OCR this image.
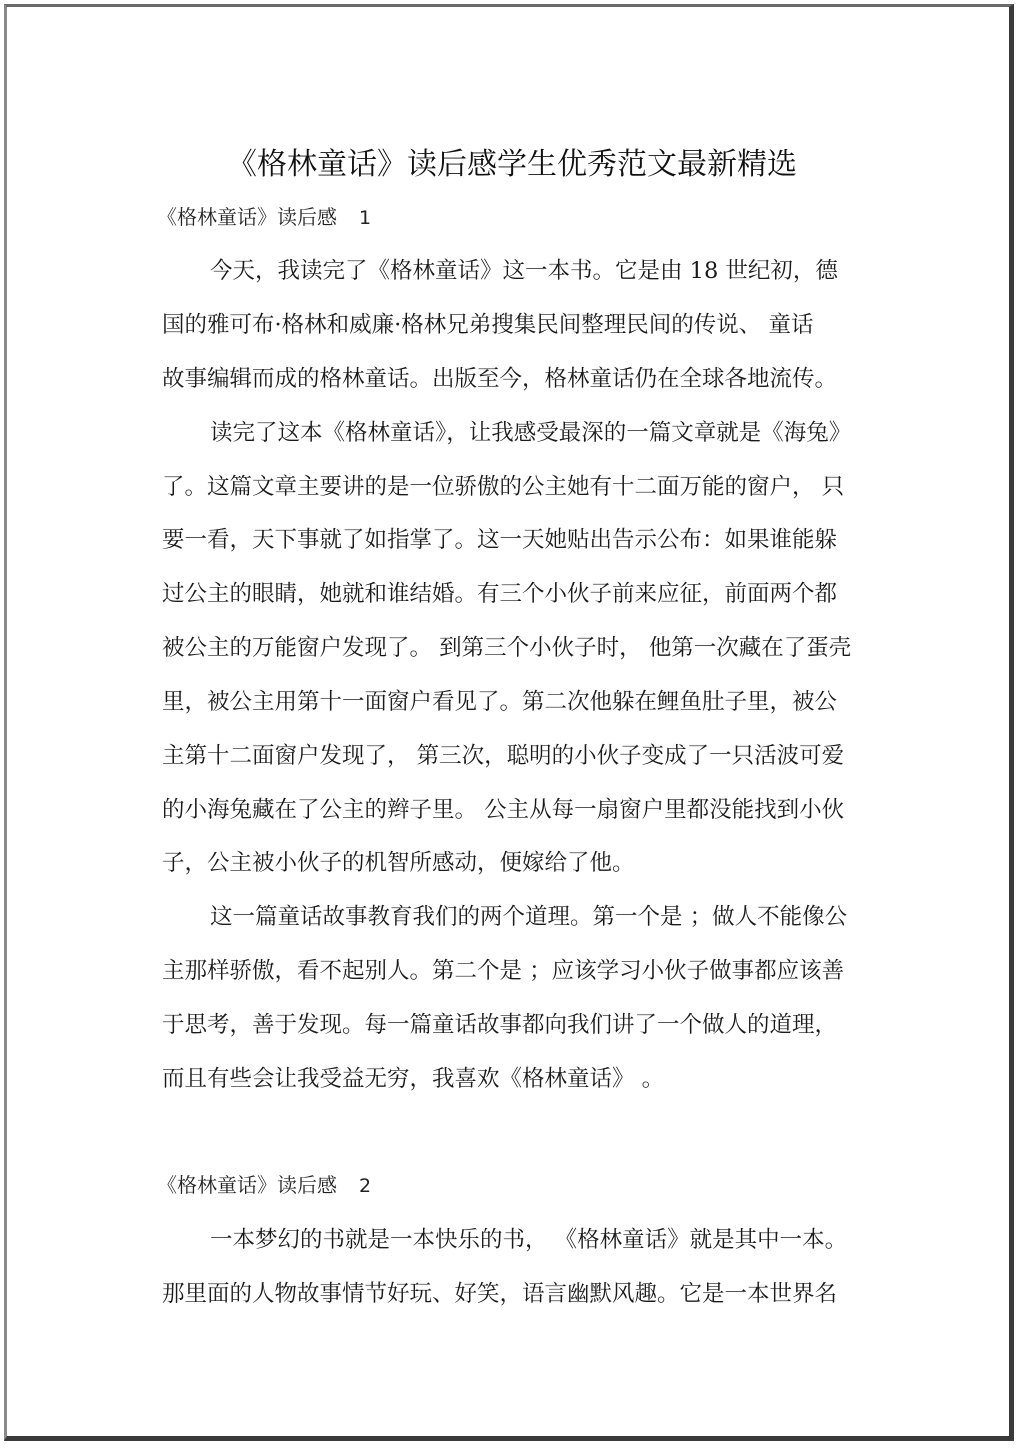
《格林童话》读后感学生优秀范文最新精选
《格林童话》读后感 1
今天，我读完了《格林童话》这一本书。它是由 18 世纪初，德
国的雅可布·格林和威廉·格林兄弟搜集民间整理民间的传说、 童话
故事编辑而成的格林童话。出版至今，格林童话仍在全球各地流传。
读完了这本《格林童话》，让我感受最深的一篇文章就是《海兔》
了。这篇文章主要讲的是一位骄傲的公主她有十二面万能的窗户， 只
要一看，天下事就了如指掌了。这一天她贴出告示公布：如果谁能躲
过公主的眼睛，她就和谁结婚。有三个小伙子前来应征，前面两个都
被公主的万能窗户发现了。 到第三个小伙子时， 他第一次藏在了蛋壳
里，被公主用第十一面窗户看见了。第二次他躲在鲤鱼肚子里，被公
主第十二面窗户发现了， 第三次，聪明的小伙子变成了一只活波可爱
的小海兔藏在了公主的辫子里。 公主从每一扇窗户里都没能找到小伙
子，公主被小伙子的机智所感动，便嫁给了他。
这一篇童话故事教育我们的两个道理。第一个是 ；做人不能像公
主那样骄傲，看不起别人。第二个是 ；应该学习小伙子做事都应该善
于思考，善于发现。每一篇童话故事都向我们讲了一个做人的道理，
而且有些会让我受益无穷，我喜欢《格林童话》 。
《格林童话》读后感 2
一本梦幻的书就是一本快乐的书， 《格林童话》就是其中一本。
那里面的人物故事情节好玩、好笑，语言幽默风趣。它是一本世界名
